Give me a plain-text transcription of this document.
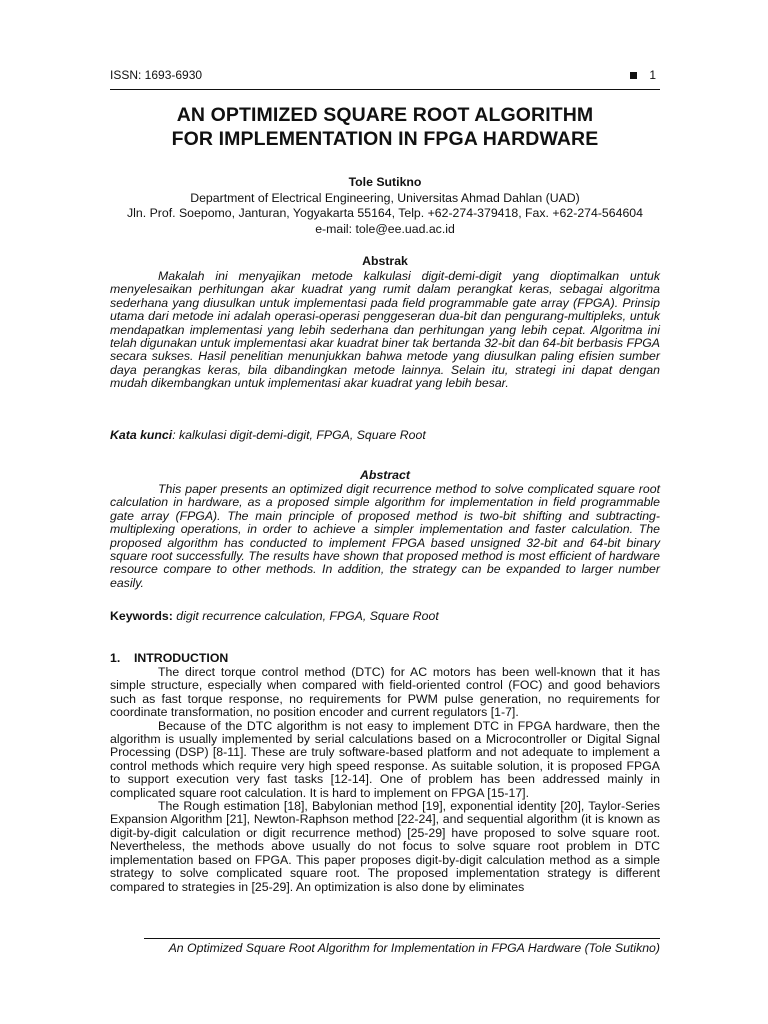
ISSN: 1693-6930	1
AN OPTIMIZED SQUARE ROOT ALGORITHM
FOR IMPLEMENTATION IN FPGA HARDWARE
Tole Sutikno
Department of Electrical Engineering, Universitas Ahmad Dahlan (UAD)
Jln. Prof. Soepomo, Janturan, Yogyakarta 55164, Telp. +62-274-379418, Fax. +62-274-564604
e-mail: tole@ee.uad.ac.id
Abstrak

Makalah ini menyajikan metode kalkulasi digit-demi-digit yang dioptimalkan untuk menyelesaikan perhitungan akar kuadrat yang rumit dalam perangkat keras, sebagai algoritma sederhana yang diusulkan untuk implementasi pada field programmable gate array (FPGA). Prinsip utama dari metode ini adalah operasi-operasi penggeseran dua-bit dan pengurang-multipleks, untuk mendapatkan implementasi yang lebih sederhana dan perhitungan yang lebih cepat. Algoritma ini telah digunakan untuk implementasi akar kuadrat biner tak bertanda 32-bit dan 64-bit berbasis FPGA secara sukses. Hasil penelitian menunjukkan bahwa metode yang diusulkan paling efisien sumber daya perangkas keras, bila dibandingkan metode lainnya. Selain itu, strategi ini dapat dengan mudah dikembangkan untuk implementasi akar kuadrat yang lebih besar.

Kata kunci: kalkulasi digit-demi-digit, FPGA, Square Root
Abstract

This paper presents an optimized digit recurrence method to solve complicated square root calculation in hardware, as a proposed simple algorithm for implementation in field programmable gate array (FPGA). The main principle of proposed method is two-bit shifting and subtracting-multiplexing operations, in order to achieve a simpler implementation and faster calculation. The proposed algorithm has conducted to implement FPGA based unsigned 32-bit and 64-bit binary square root successfully. The results have shown that proposed method is most efficient of hardware resource compare to other methods. In addition, the strategy can be expanded to larger number easily.

Keywords: digit recurrence calculation, FPGA, Square Root
1. INTRODUCTION

The direct torque control method (DTC) for AC motors has been well-known that it has simple structure, especially when compared with field-oriented control (FOC) and good behaviors such as fast torque response, no requirements for PWM pulse generation, no requirements for coordinate transformation, no position encoder and current regulators [1-7].

Because of the DTC algorithm is not easy to implement DTC in FPGA hardware, then the algorithm is usually implemented by serial calculations based on a Microcontroller or Digital Signal Processing (DSP) [8-11]. These are truly software-based platform and not adequate to implement a control methods which require very high speed response. As suitable solution, it is proposed FPGA to support execution very fast tasks [12-14]. One of problem has been addressed mainly in complicated square root calculation. It is hard to implement on FPGA [15-17].

The Rough estimation [18], Babylonian method [19], exponential identity [20], Taylor-Series Expansion Algorithm [21], Newton-Raphson method [22-24], and sequential algorithm (it is known as digit-by-digit calculation or digit recurrence method) [25-29] have proposed to solve square root. Nevertheless, the methods above usually do not focus to solve square root problem in DTC implementation based on FPGA. This paper proposes digit-by-digit calculation method as a simple strategy to solve complicated square root. The proposed implementation strategy is different compared to strategies in [25-29]. An optimization is also done by eliminates

An Optimized Square Root Algorithm for Implementation in FPGA Hardware (Tole Sutikno)
